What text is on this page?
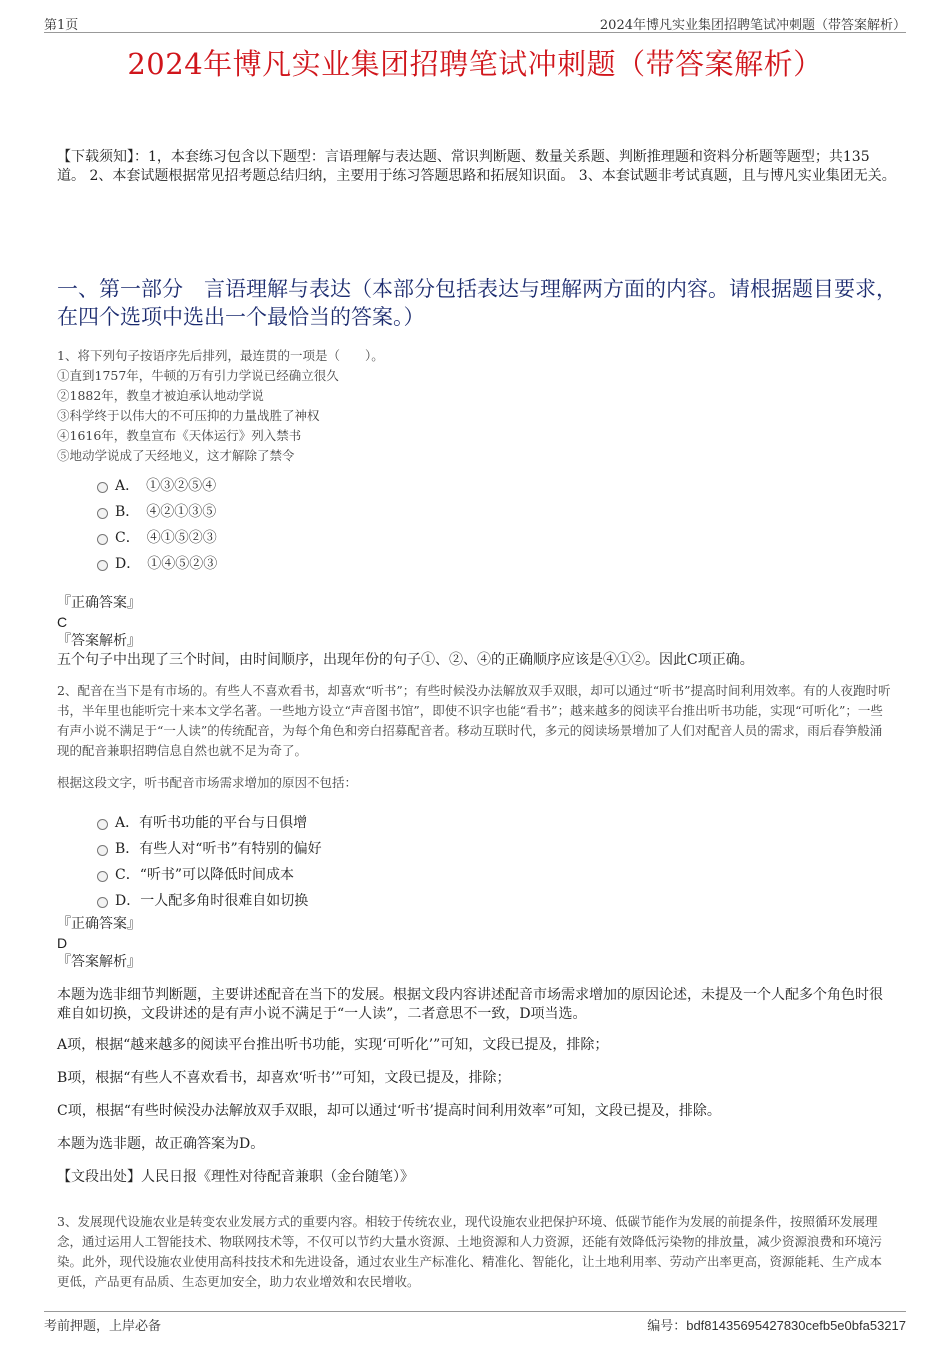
第1页	2024年博凡实业集团招聘笔试冲刺题（带答案解析）
2024年博凡实业集团招聘笔试冲刺题（带答案解析）
【下载须知】：1，本套练习包含以下题型：言语理解与表达题、常识判断题、数量关系题、判断推理题和资料分析题等题型；共135道。 2、本套试题根据常见招考题总结归纳，主要用于练习答题思路和拓展知识面。 3、本套试题非考试真题，且与博凡实业集团无关。
一、第一部分　言语理解与表达（本部分包括表达与理解两方面的内容。请根据题目要求，在四个选项中选出一个最恰当的答案。）

1、将下列句子按语序先后排列，最连贯的一项是（　　）。

①直到1757年，牛顿的万有引力学说已经确立很久

②1882年，教皇才被迫承认地动学说

③科学终于以伟大的不可压抑的力量战胜了神权

④1616年，教皇宣布《天体运行》列入禁书

⑤地动学说成了天经地义，这才解除了禁令

A．　①③②⑤④
B．　④②①③⑤
C．　④①⑤②③
D．　①④⑤②③
『正确答案』
C
『答案解析』
五个句子中出现了三个时间，由时间顺序，出现年份的句子①、②、④的正确顺序应该是④①②。因此C项正确。

2、配音在当下是有市场的。有些人不喜欢看书，却喜欢“听书”；有些时候没办法解放双手双眼，却可以通过“听书”提高时间利用效率。有的人夜跑时听书，半年里也能听完十来本文学名著。一些地方设立“声音图书馆”，即使不识字也能“看书”；越来越多的阅读平台推出听书功能，实现“可听化”；一些有声小说不满足于“一人读”的传统配音，为每个角色和旁白招募配音者。移动互联时代，多元的阅读场景增加了人们对配音人员的需求，雨后春笋般涌现的配音兼职招聘信息自然也就不足为奇了。

根据这段文字，听书配音市场需求增加的原因不包括：

A．有听书功能的平台与日俱增
B．有些人对“听书”有特别的偏好
C．“听书”可以降低时间成本
D．一人配多角时很难自如切换
『正确答案』
D
『答案解析』
本题为选非细节判断题，主要讲述配音在当下的发展。根据文段内容讲述配音市场需求增加的原因论述，未提及一个人配多个角色时很难自如切换，文段讲述的是有声小说不满足于“一人读”，二者意思不一致，D项当选。
A项，根据“越来越多的阅读平台推出听书功能，实现‘可听化’”可知，文段已提及，排除；
B项，根据“有些人不喜欢看书，却喜欢‘听书’”可知，文段已提及，排除；
C项，根据“有些时候没办法解放双手双眼，却可以通过‘听书’提高时间利用效率”可知，文段已提及，排除。
本题为选非题，故正确答案为D。
【文段出处】人民日报《理性对待配音兼职（金台随笔）》

3、发展现代设施农业是转变农业发展方式的重要内容。相较于传统农业，现代设施农业把保护环境、低碳节能作为发展的前提条件，按照循环发展理念，通过运用人工智能技术、物联网技术等，不仅可以节约大量水资源、土地资源和人力资源，还能有效降低污染物的排放量，减少资源浪费和环境污染。此外，现代设施农业使用高科技技术和先进设备，通过农业生产标准化、精准化、智能化，让土地利用率、劳动产出率更高，资源能耗、生产成本更低，产品更有品质、生态更加安全，助力农业增效和农民增收。

考前押题，上岸必备	编号：bdf81435695427830cefb5e0bfa53217
